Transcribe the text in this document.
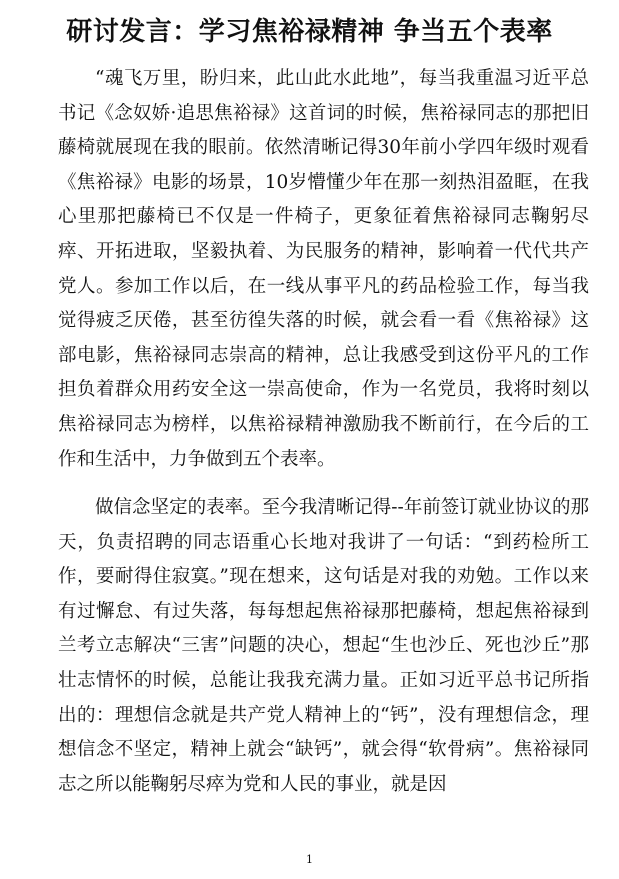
研讨发言：学习焦裕禄精神 争当五个表率

“魂飞万里，盼归来，此山此水此地”，每当我重温习近平总书记《念奴娇·追思焦裕禄》这首词的时候，焦裕禄同志的那把旧藤椅就展现在我的眼前。依然清晰记得30年前小学四年级时观看《焦裕禄》电影的场景，10岁懵懂少年在那一刻热泪盈眶，在我心里那把藤椅已不仅是一件椅子，更象征着焦裕禄同志鞠躬尽瘁、开拓进取，坚毅执着、为民服务的精神，影响着一代代共产党人。参加工作以后，在一线从事平凡的药品检验工作，每当我觉得疲乏厌倦，甚至彷徨失落的时候，就会看一看《焦裕禄》这部电影，焦裕禄同志崇高的精神，总让我感受到这份平凡的工作担负着群众用药安全这一崇高使命，作为一名党员，我将时刻以焦裕禄同志为榜样，以焦裕禄精神激励我不断前行，在今后的工作和生活中，力争做到五个表率。

做信念坚定的表率。至今我清晰记得--年前签订就业协议的那天，负责招聘的同志语重心长地对我讲了一句话：“到药检所工作，要耐得住寂寞。”现在想来，这句话是对我的劝勉。工作以来有过懈怠、有过失落，每每想起焦裕禄那把藤椅，想起焦裕禄到兰考立志解决“三害”问题的决心，想起“生也沙丘、死也沙丘”那壮志情怀的时候，总能让我我充满力量。正如习近平总书记所指出的：理想信念就是共产党人精神上的“钙”，没有理想信念，理想信念不坚定，精神上就会“缺钙”，就会得“软骨病”。焦裕禄同志之所以能鞠躬尽瘁为党和人民的事业，就是因

1
